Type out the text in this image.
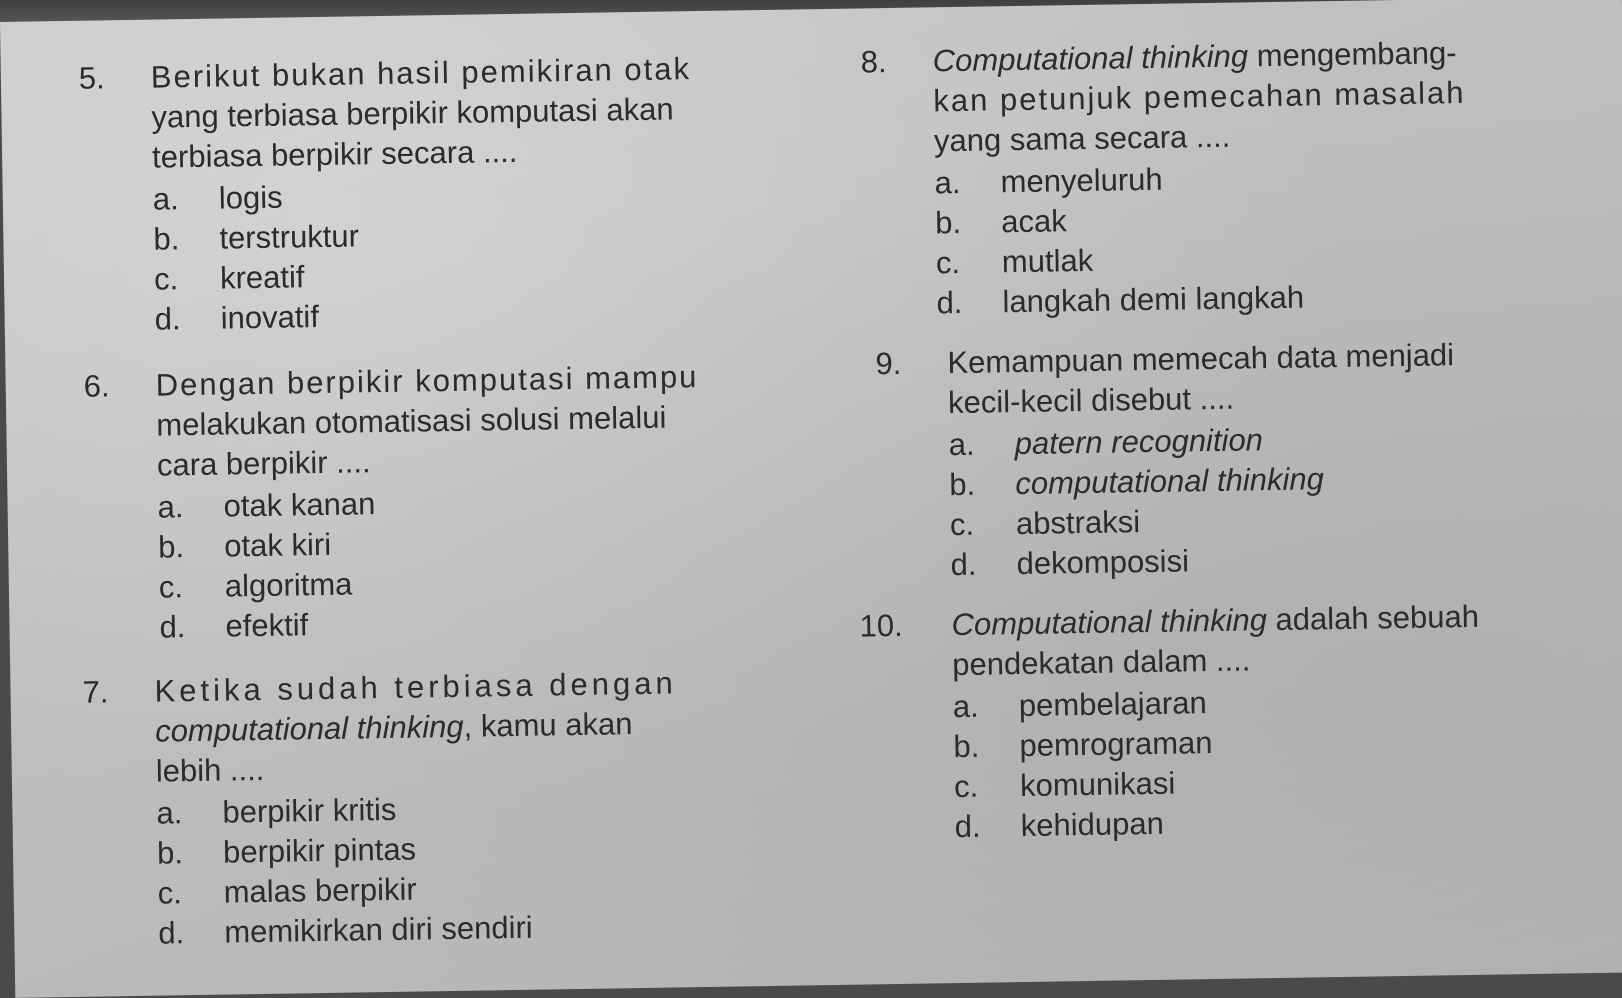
5. Berikut bukan hasil pemikiran otak
yang terbiasa berpikir komputasi akan
terbiasa berpikir secara ....
a.	logis
b.	terstruktur
c.	kreatif
d.	inovatif
6. Dengan berpikir komputasi mampu
melakukan otomatisasi solusi melalui
cara berpikir ....
a.	otak kanan
b.	otak kiri
c.	algoritma
d.	efektif
7. Ketika sudah terbiasa dengan
computational thinking, kamu akan
lebih ....
a.	berpikir kritis
b.	berpikir pintas
c.	malas berpikir
d.	memikirkan diri sendiri
8. Computational thinking mengembang-
kan petunjuk pemecahan masalah
yang sama secara ....
a.	menyeluruh
b.	acak
c.	mutlak
d.	langkah demi langkah
9. Kemampuan memecah data menjadi
kecil-kecil disebut ....
a.	patern recognition
b.	computational thinking
c.	abstraksi
d.	dekomposisi
10. Computational thinking adalah sebuah
pendekatan dalam ....
a.	pembelajaran
b.	pemrograman
c.	komunikasi
d.	kehidupan
